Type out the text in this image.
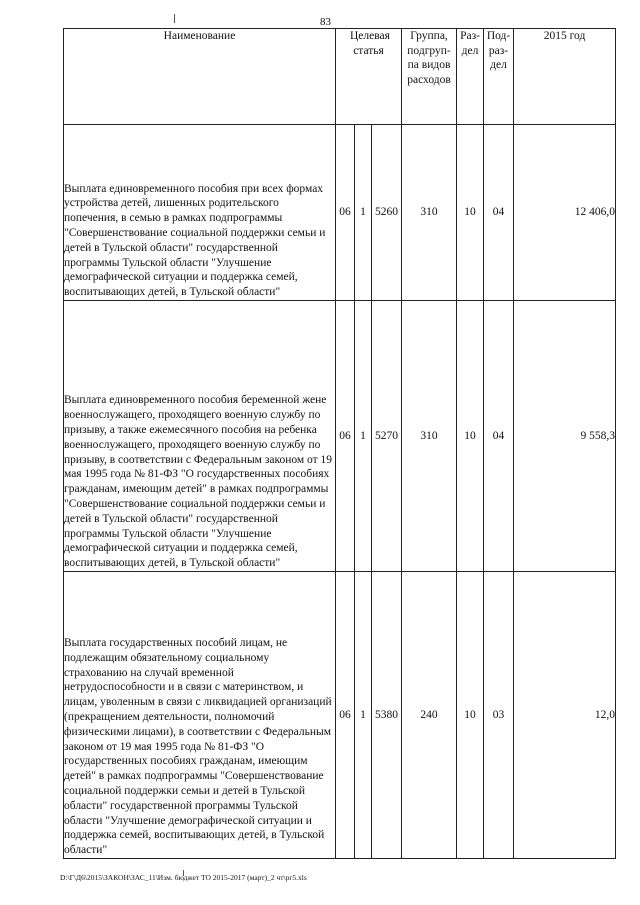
83
Наименование	Целевая статья			Группа, подгруп-па видов расходов	Раз-дел	Под-раз-дел	2015 год
Выплата единовременного пособия при всех формах устройства детей, лишенных родительского попечения, в семью в рамках подпрограммы "Совершенствование социальной поддержки семьи и детей в Тульской области" государственной программы Тульской области "Улучшение демографической ситуации и поддержка семей, воспитывающих детей, в Тульской области"	06	1	5260	310	10	04	12 406,0
Выплата единовременного пособия беременной жене военнослужащего, проходящего военную службу по призыву, а также ежемесячного пособия на ребенка военнослужащего, проходящего военную службу по призыву, в соответствии с Федеральным законом от 19 мая 1995 года № 81-ФЗ "О государственных пособиях гражданам, имеющим детей" в рамках подпрограммы "Совершенствование социальной поддержки семьи и детей в Тульской области" государственной программы Тульской области "Улучшение демографической ситуации и поддержка семей, воспитывающих детей, в Тульской области"	06	1	5270	310	10	04	9 558,3
Выплата государственных пособий лицам, не подлежащим обязательному социальному страхованию на случай временной нетрудоспособности и в связи с материнством, и лицам, уволенным в связи с ликвидацией организаций (прекращением деятельности, полномочий физическими лицами), в соответствии с Федеральным законом от 19 мая 1995 года № 81-ФЗ "О государственных пособиях гражданам, имеющим детей" в рамках подпрограммы "Совершенствование социальной поддержки семьи и детей в Тульской области" государственной программы Тульской области "Улучшение демографической ситуации и поддержка семей, воспитывающих детей, в Тульской области"	06	1	5380	240	10	03	12,0
D:\Г\Д6\2015\ЗАКОН\ЗАС_11\Изм. бюджет ТО 2015-2017 (март)_2 чт\рг5.xls
